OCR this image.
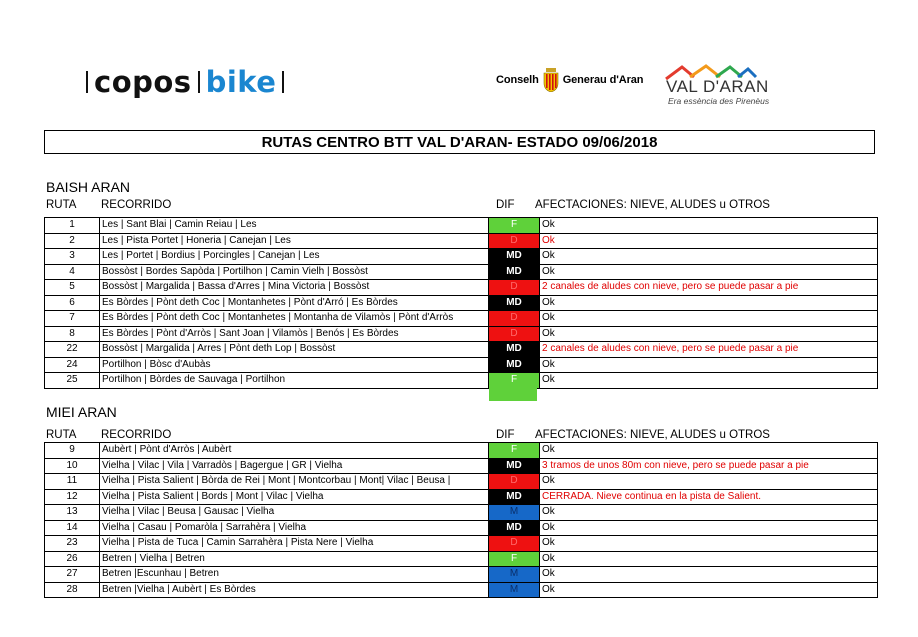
copos bike	Conselh Generau d'Aran VAL D'ARAN
Era essència des Pirenèus
RUTAS CENTRO BTT VAL D'ARAN- ESTADO 09/06/2018
BAISH ARAN
RUTA RECORRIDO	DIF AFECTACIONES: NIEVE, ALUDES u OTROS
1	Les | Sant Blai | Camin Reiau | Les	F	Ok
2	Les | Pista Portet | Honeria | Canejan | Les	D	Ok
3	Les | Portet | Bordius | Porcingles | Canejan | Les	MD	Ok
4	Bossòst | Bordes Sapòda | Portilhon | Camin Vielh | Bossòst	MD	Ok
5	Bossòst | Margalida | Bassa d'Arres | Mina Victoria | Bossòst	D	2 canales de aludes con nieve, pero se puede pasar a pie
6	Es Bòrdes | Pònt deth Coc | Montanhetes | Pònt d'Arró | Es Bòrdes	MD	Ok
7	Es Bòrdes | Pònt deth Coc | Montanhetes | Montanha de Vilamòs | Pònt d'Arròs	D	Ok
8	Es Bòrdes | Pònt d'Arròs | Sant Joan | Vilamòs | Benós | Es Bòrdes	D	Ok
22	Bossòst | Margalida | Arres | Pònt deth Lop | Bossòst	MD	2 canales de aludes con nieve, pero se puede pasar a pie
24	Portilhon | Bòsc d'Aubàs	MD	Ok
25	Portilhon | Bòrdes de Sauvaga | Portilhon	F	Ok
MIEI ARAN
RUTA RECORRIDO	DIF AFECTACIONES: NIEVE, ALUDES u OTROS
9	Aubèrt | Pònt d'Arròs | Aubèrt	F	Ok
10	Vielha | Vilac | Vila | Varradòs | Bagergue | GR | Vielha	MD	3 tramos de unos 80m con nieve, pero se puede pasar a pie
11	Vielha | Pista Salient | Bòrda de Rei | Mont | Montcorbau | Mont| Vilac | Beusa |	D	Ok
12	Vielha | Pista Salient | Bords | Mont | Vilac | Vielha	MD	CERRADA. Nieve continua en la pista de Salient.
13	Vielha | Vilac | Beusa | Gausac | Vielha	M	Ok
14	Vielha | Casau | Pomaròla | Sarrahèra | Vielha	MD	Ok
23	Vielha | Pista de Tuca | Camin Sarrahèra | Pista Nere | Vielha	D	Ok
26	Betren | Vielha | Betren	F	Ok
27	Betren |Escunhau | Betren	M	Ok
28	Betren |Vielha | Aubèrt | Es Bòrdes	M	Ok
